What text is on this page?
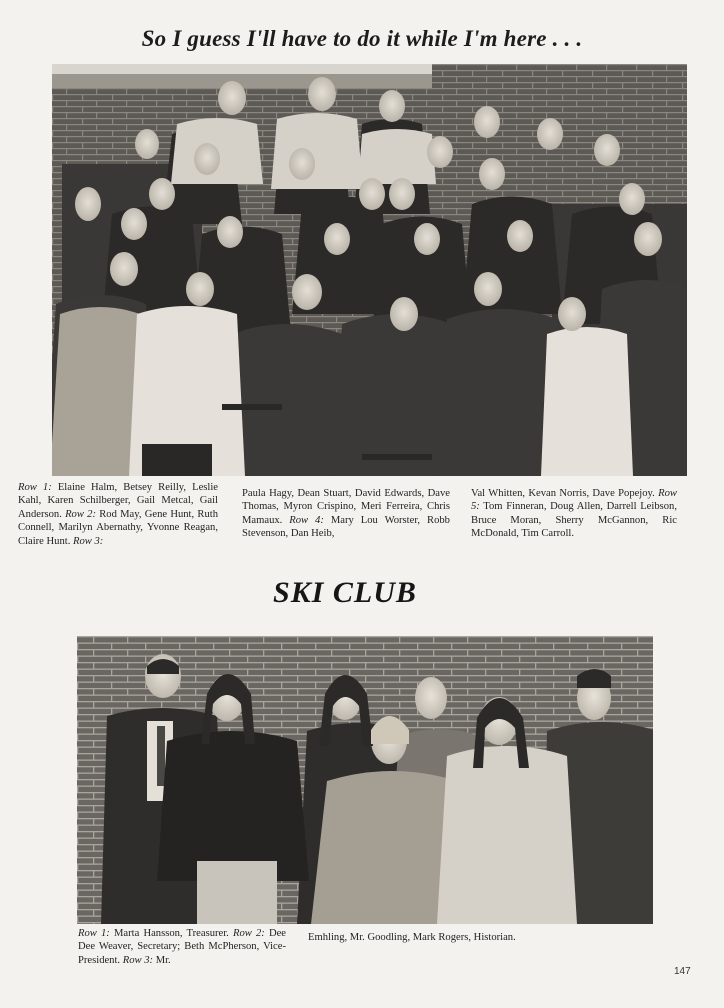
So I guess I'll have to do it while I'm here . . .
Row 1: Elaine Halm, Betsey Reilly, Leslie Kahl, Karen Schilberger, Gail Metcal, Gail Anderson. Row 2: Rod May, Gene Hunt, Ruth Connell, Marilyn Abernathy, Yvonne Reagan, Claire Hunt. Row 3:
Paula Hagy, Dean Stuart, David Edwards, Dave Thomas, Myron Crispino, Meri Ferreira, Chris Mamaux. Row 4: Mary Lou Worster, Robb Stevenson, Dan Heib,
Val Whitten, Kevan Norris, Dave Popejoy. Row 5: Tom Finneran, Doug Allen, Darrell Leibson, Bruce Moran, Sherry McGannon, Ric McDonald, Tim Carroll.
SKI CLUB
Row 1: Marta Hansson, Treasurer. Row 2: Dee Dee Weaver, Secretary; Beth McPherson, Vice-President. Row 3: Mr.
Emhling, Mr. Goodling, Mark Rogers, Historian.
147
